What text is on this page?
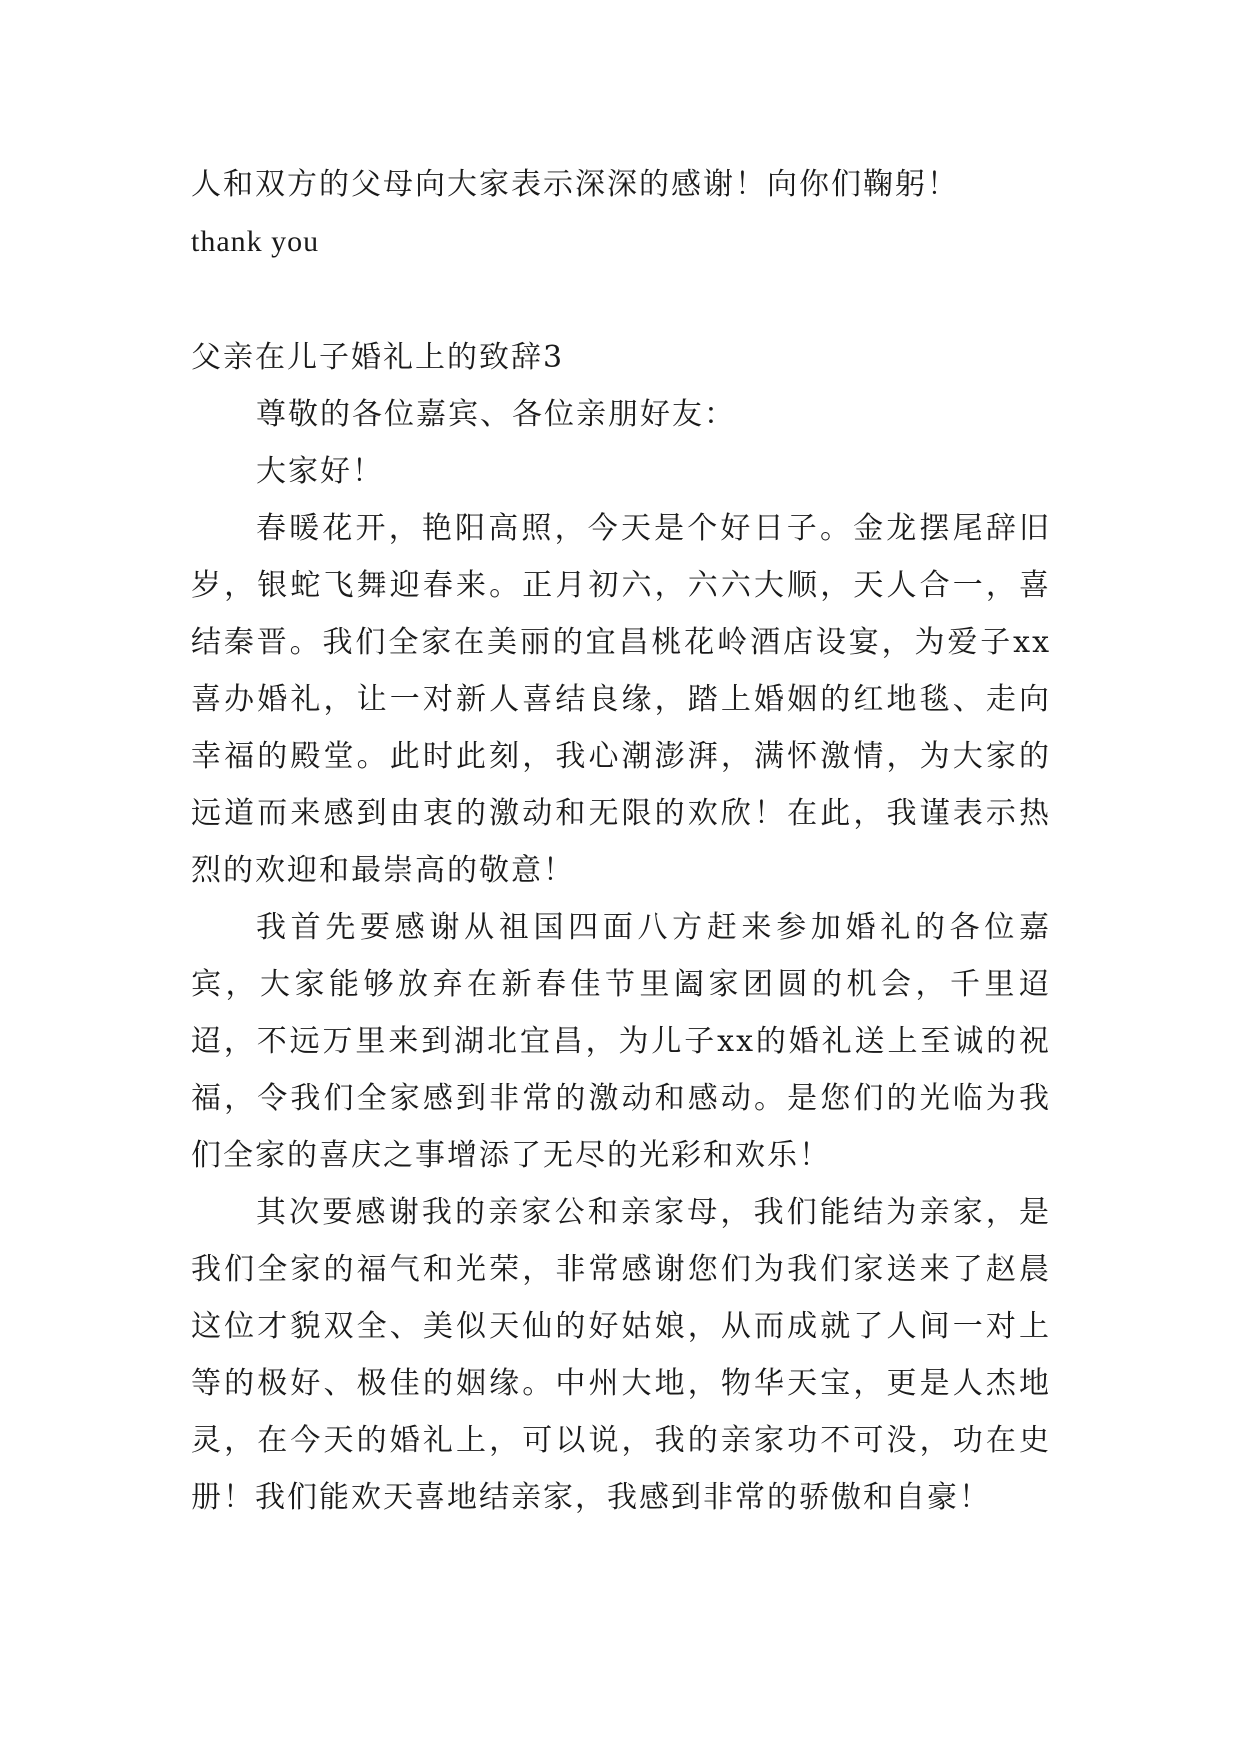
人和双方的父母向大家表示深深的感谢！向你们鞠躬！
thank you
父亲在儿子婚礼上的致辞3
尊敬的各位嘉宾、各位亲朋好友：
大家好！

春暖花开，艳阳高照，今天是个好日子。金龙摆尾辞旧岁，银蛇飞舞迎春来。正月初六，六六大顺，天人合一，喜结秦晋。我们全家在美丽的宜昌桃花岭酒店设宴，为爱子xx喜办婚礼，让一对新人喜结良缘，踏上婚姻的红地毯、走向幸福的殿堂。此时此刻，我心潮澎湃，满怀激情，为大家的远道而来感到由衷的激动和无限的欢欣！在此，我谨表示热烈的欢迎和最崇高的敬意！

我首先要感谢从祖国四面八方赶来参加婚礼的各位嘉宾，大家能够放弃在新春佳节里阖家团圆的机会，千里迢迢，不远万里来到湖北宜昌，为儿子xx的婚礼送上至诚的祝福，令我们全家感到非常的激动和感动。是您们的光临为我们全家的喜庆之事增添了无尽的光彩和欢乐！

其次要感谢我的亲家公和亲家母，我们能结为亲家，是我们全家的福气和光荣，非常感谢您们为我们家送来了赵晨这位才貌双全、美似天仙的好姑娘，从而成就了人间一对上等的极好、极佳的姻缘。中州大地，物华天宝，更是人杰地灵，在今天的婚礼上，可以说，我的亲家功不可没，功在史册！我们能欢天喜地结亲家，我感到非常的骄傲和自豪！
